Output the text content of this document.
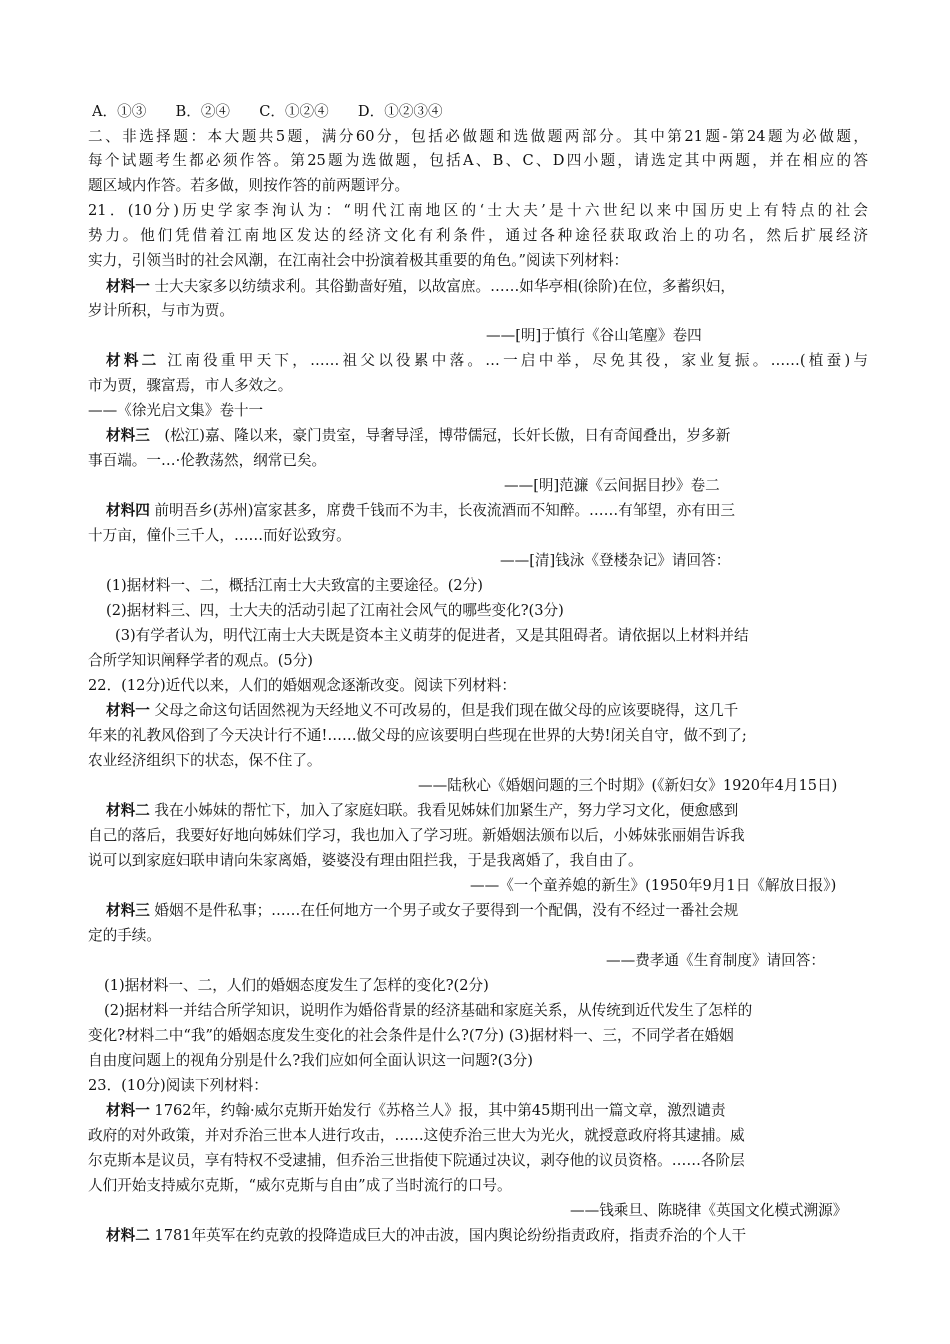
A．①③　　B．②④　　C．①②④　　D．①②③④
二、非选择题：本大题共5题，满分60分，包括必做题和选做题两部分。其中第21题-第24题为必做题，
每个试题考生都必须作答。第25题为选做题，包括A、B、C、D四小题，请选定其中两题，并在相应的答
题区域内作答。若多做，则按作答的前两题评分。
21．(10分)历史学家李洵认为：“明代江南地区的‘士大夫’是十六世纪以来中国历史上有特点的社会
势力。他们凭借着江南地区发达的经济文化有利条件，通过各种途径获取政治上的功名，然后扩展经济
实力，引领当时的社会风潮，在江南社会中扮演着极其重要的角色。”阅读下列材料：
材料一 士大夫家多以纺绩求利。其俗勤啬好殖，以故富庶。……如华亭相(徐阶)在位，多蓄织妇，
岁计所积，与市为贾。
——[明]于慎行《谷山笔麈》卷四
材料二 江南役重甲天下，……祖父以役累中落。…一启中举，尽免其役，家业复振。……(植蚕)与
市为贾，骤富焉，市人多效之。
——《徐光启文集》卷十一
材料三　(松江)嘉、隆以来，豪门贵室，导奢导淫，博带儒冠，长奸长傲，日有奇闻叠出，岁多新
事百端。一…·伦教荡然，纲常已矣。
——[明]范濂《云间据目抄》卷二
材料四 前明吾乡(苏州)富家甚多，席费千钱而不为丰，长夜流酒而不知醉。……有邹望，亦有田三
十万亩，僮仆三千人，……而好讼致穷。
——[清]钱泳《登楼杂记》请回答：
(1)据材料一、二，概括江南士大夫致富的主要途径。(2分)
(2)据材料三、四，士大夫的活动引起了江南社会风气的哪些变化?(3分)
(3)有学者认为，明代江南士大夫既是资本主义萌芽的促进者，又是其阻碍者。请依据以上材料并结
合所学知识阐释学者的观点。(5分)
22．(12分)近代以来，人们的婚姻观念逐渐改变。阅读下列材料：
材料一 父母之命这句话固然视为天经地义不可改易的，但是我们现在做父母的应该要晓得，这几千
年来的礼教风俗到了今天决计行不通!……做父母的应该要明白些现在世界的大势!闭关自守，做不到了;
农业经济组织下的状态，保不住了。
——陆秋心《婚姻问题的三个时期》(《新妇女》1920年4月15日)
材料二 我在小姊妹的帮忙下，加入了家庭妇联。我看见姊妹们加紧生产，努力学习文化，便愈感到
自己的落后，我要好好地向姊妹们学习，我也加入了学习班。新婚姻法颁布以后，小姊妹张丽娟告诉我
说可以到家庭妇联申请向朱家离婚，婆婆没有理由阻拦我，于是我离婚了，我自由了。
——《一个童养媳的新生》(1950年9月1日《解放日报》)
材料三 婚姻不是件私事；……在任何地方一个男子或女子要得到一个配偶，没有不经过一番社会规
定的手续。
——费孝通《生育制度》请回答：
(1)据材料一、二，人们的婚姻态度发生了怎样的变化?(2分)
(2)据材料一并结合所学知识，说明作为婚俗背景的经济基础和家庭关系，从传统到近代发生了怎样的
变化?材料二中“我”的婚姻态度发生变化的社会条件是什么?(7分) (3)据材料一、三，不同学者在婚姻
自由度问题上的视角分别是什么?我们应如何全面认识这一问题?(3分)
23．(10分)阅读下列材料：
材料一 1762年，约翰·威尔克斯开始发行《苏格兰人》报，其中第45期刊出一篇文章，激烈谴责
政府的对外政策，并对乔治三世本人进行攻击，……这使乔治三世大为光火，就授意政府将其逮捕。威
尔克斯本是议员，享有特权不受逮捕，但乔治三世指使下院通过决议，剥夺他的议员资格。……各阶层
人们开始支持威尔克斯，“威尔克斯与自由”成了当时流行的口号。
——钱乘旦、陈晓律《英国文化模式溯源》
材料二 1781年英军在约克敦的投降造成巨大的冲击波，国内舆论纷纷指责政府，指责乔治的个人干
